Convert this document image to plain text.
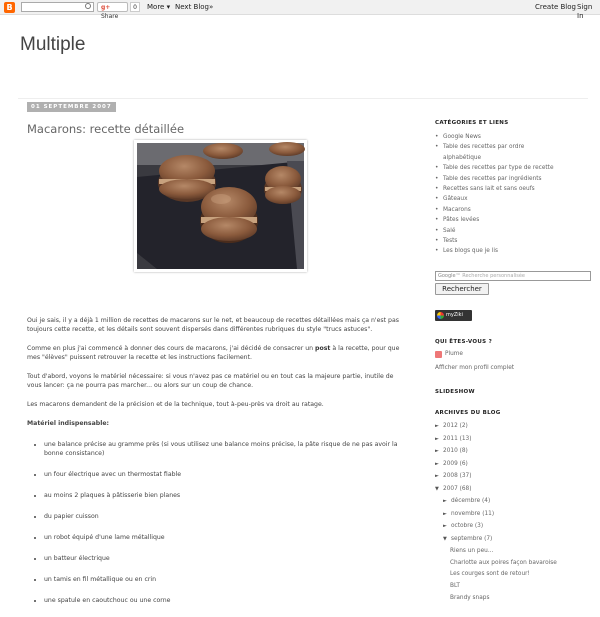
B	g+ Share
0	More ▾ Next Blog»	Create Blog Sign In
Multiple
01 SEPTEMBRE 2007
Macarons: recette détaillée

Oui je sais, il y a déjà 1 million de recettes de macarons sur le net, et beaucoup de recettes détaillées mais ça n'est pas toujours cette recette, et les détails sont souvent dispersés dans différentes rubriques du style "trucs astuces".

Comme en plus j'ai commencé à donner des cours de macarons, j'ai décidé de consacrer un post à la recette, pour que mes "élèves" puissent retrouver la recette et les instructions facilement.

Tout d'abord, voyons le matériel nécessaire: si vous n'avez pas ce matériel ou en tout cas la majeure partie, inutile de vous lancer: ça ne pourra pas marcher... ou alors sur un coup de chance.

Les macarons demandent de la précision et de la technique, tout à-peu-près va droit au ratage.

Matériel indispensable:

• une balance précise au gramme près (si vous utilisez une balance moins précise, la pâte risque de ne pas avoir la bonne consistance)
• un four électrique avec un thermostat fiable
• au moins 2 plaques à pâtisserie bien planes
• du papier cuisson
• un robot équipé d'une lame métallique
• un batteur électrique
• un tamis en fil métallique ou en crin
• une spatule en caoutchouc ou une corne
CATÉGORIES ET LIENS
• Google News
• Table des recettes par ordre
alphabétique
• Table des recettes par type de recette
• Table des recettes par ingrédients
• Recettes sans lait et sans oeufs
• Gâteaux
• Macarons
• Pâtes levées
• Salé
• Tests
• Les blogs que je lis
Google™ Recherche personnalisée
Rechercher
myZiki
QUI ÊTES-VOUS ?
Plume
Afficher mon profil complet
SLIDESHOW
ARCHIVES DU BLOG
► 2012 (2)
► 2011 (13)
► 2010 (8)
► 2009 (6)
► 2008 (37)
▼ 2007 (68)
► décembre (4)
► novembre (11)
► octobre (3)
▼ septembre (7)
Riens un peu...
Charlotte aux poires façon bavaroise
Les courges sont de retour!
BLT
Brandy snaps
